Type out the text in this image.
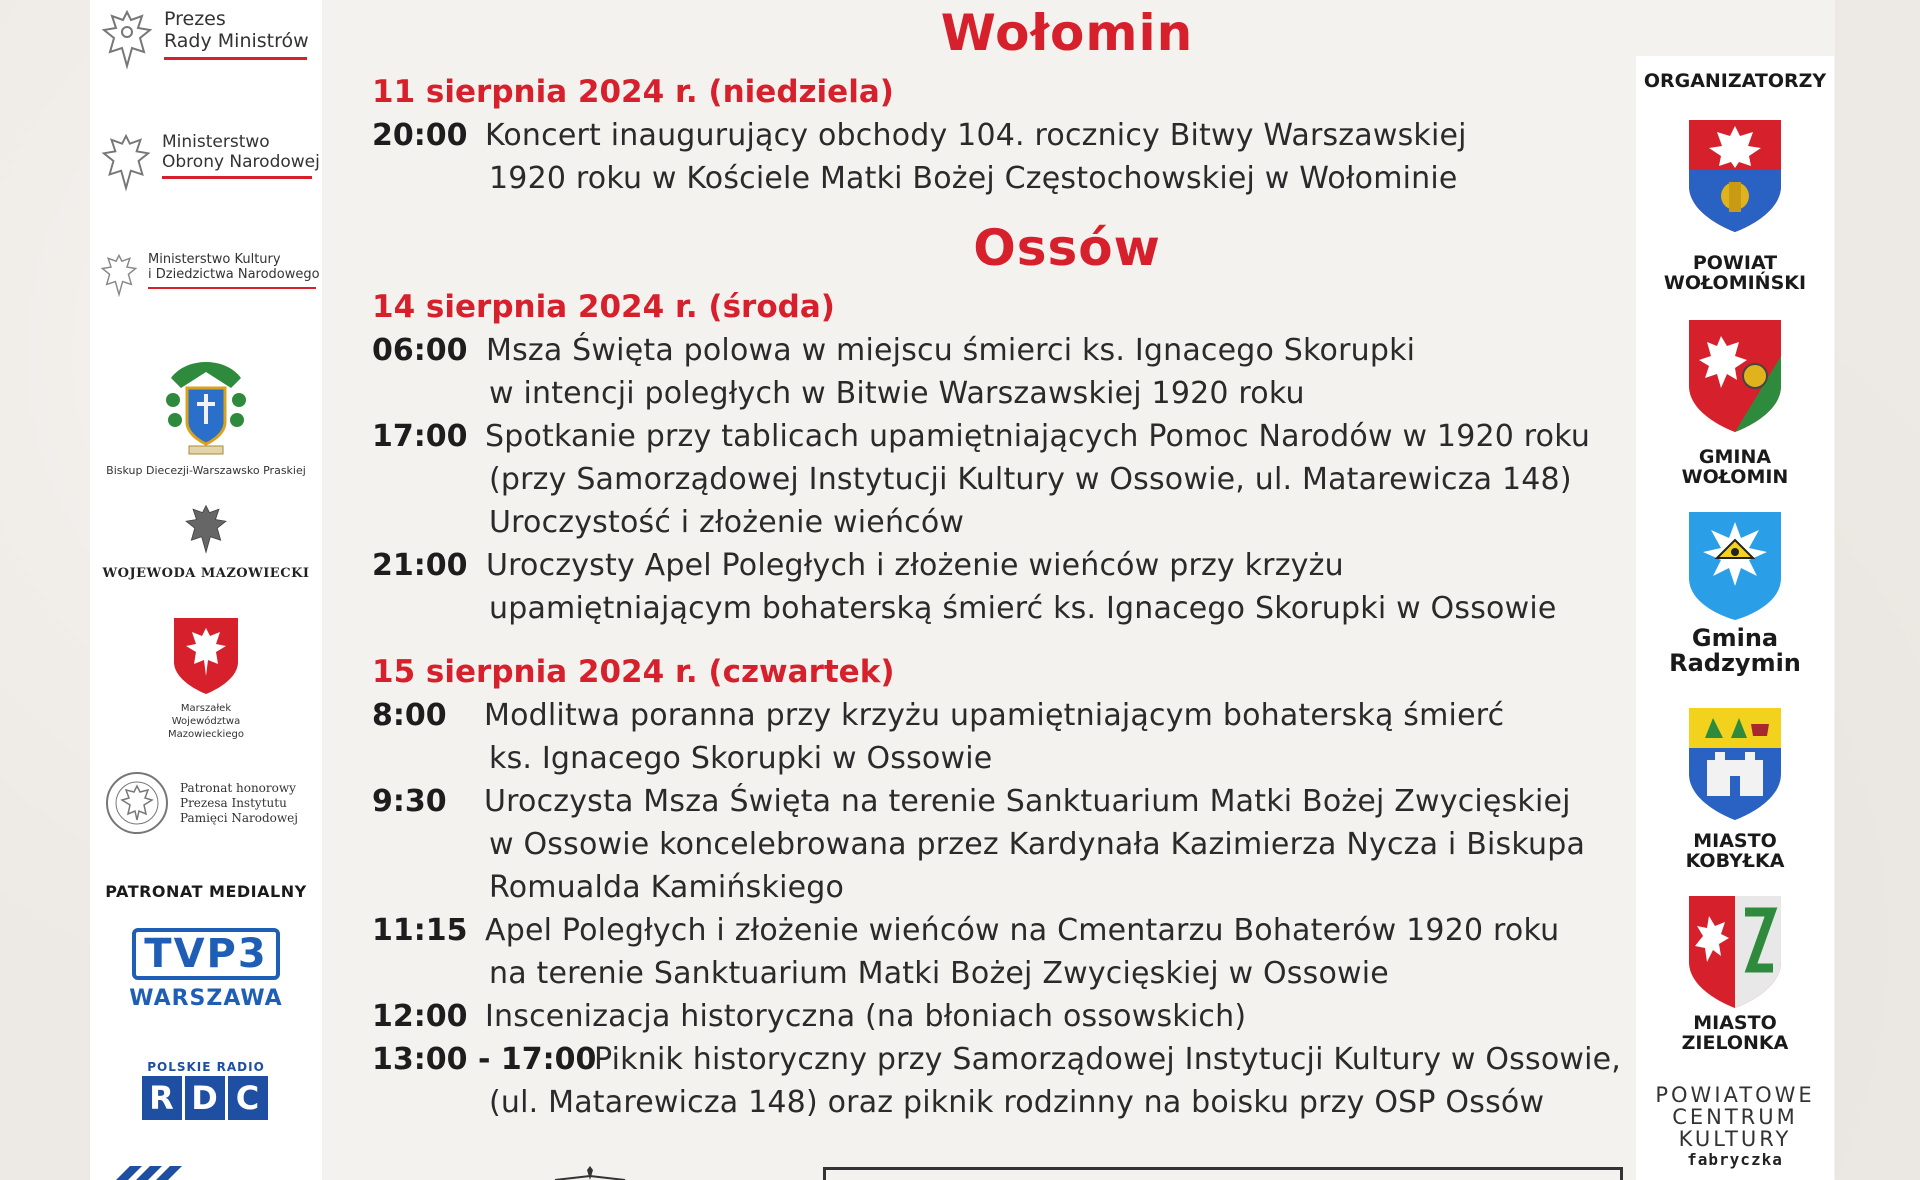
Prezes
Rady Ministrów
Ministerstwo
Obrony Narodowej
Ministerstwo Kultury
i Dziedzictwa Narodowego
Biskup Diecezji-Warszawsko Praskiej
WOJEWODA MAZOWIECKI
Marszałek
Województwa
Mazowieckiego
Patronat honorowy
Prezesa Instytutu
Pamięci Narodowej
PATRONAT MEDIALNY
TVP3
WARSZAWA
POLSKIE RADIO
R D C
Wołomin
11 sierpnia 2024 r. (niedziela)
20:00 Koncert inaugurujący obchody 104. rocznicy Bitwy Warszawskiej
1920 roku w Kościele Matki Bożej Częstochowskiej w Wołominie
Ossów
14 sierpnia 2024 r. (środa)
06:00 Msza Święta polowa w miejscu śmierci ks. Ignacego Skorupki
w intencji poległych w Bitwie Warszawskiej 1920 roku
17:00 Spotkanie przy tablicach upamiętniających Pomoc Narodów w 1920 roku
(przy Samorządowej Instytucji Kultury w Ossowie, ul. Matarewicza 148)
Uroczystość i złożenie wieńców
21:00 Uroczysty Apel Poległych i złożenie wieńców przy krzyżu
upamiętniającym bohaterską śmierć ks. Ignacego Skorupki w Ossowie
15 sierpnia 2024 r. (czwartek)
8:00 Modlitwa poranna przy krzyżu upamiętniającym bohaterską śmierć
ks. Ignacego Skorupki w Ossowie
9:30 Uroczysta Msza Święta na terenie Sanktuarium Matki Bożej Zwycięskiej
w Ossowie koncelebrowana przez Kardynała Kazimierza Nycza i Biskupa
Romualda Kamińskiego
11:15 Apel Poległych i złożenie wieńców na Cmentarzu Bohaterów 1920 roku
na terenie Sanktuarium Matki Bożej Zwycięskiej w Ossowie
12:00 Inscenizacja historyczna (na błoniach ossowskich)
13:00 - 17:00
Piknik historyczny przy Samorządowej Instytucji Kultury w Ossowie,
(ul. Matarewicza 148) oraz piknik rodzinny na boisku przy OSP Ossów
ORGANIZATORZY
POWIAT
WOŁOMIŃSKI
GMINA
WOŁOMIN
Gmina
Radzymin
MIASTO
KOBYŁKA
MIASTO
ZIELONKA
POWIATOWE
CENTRUM
KULTURY
fabryczka
